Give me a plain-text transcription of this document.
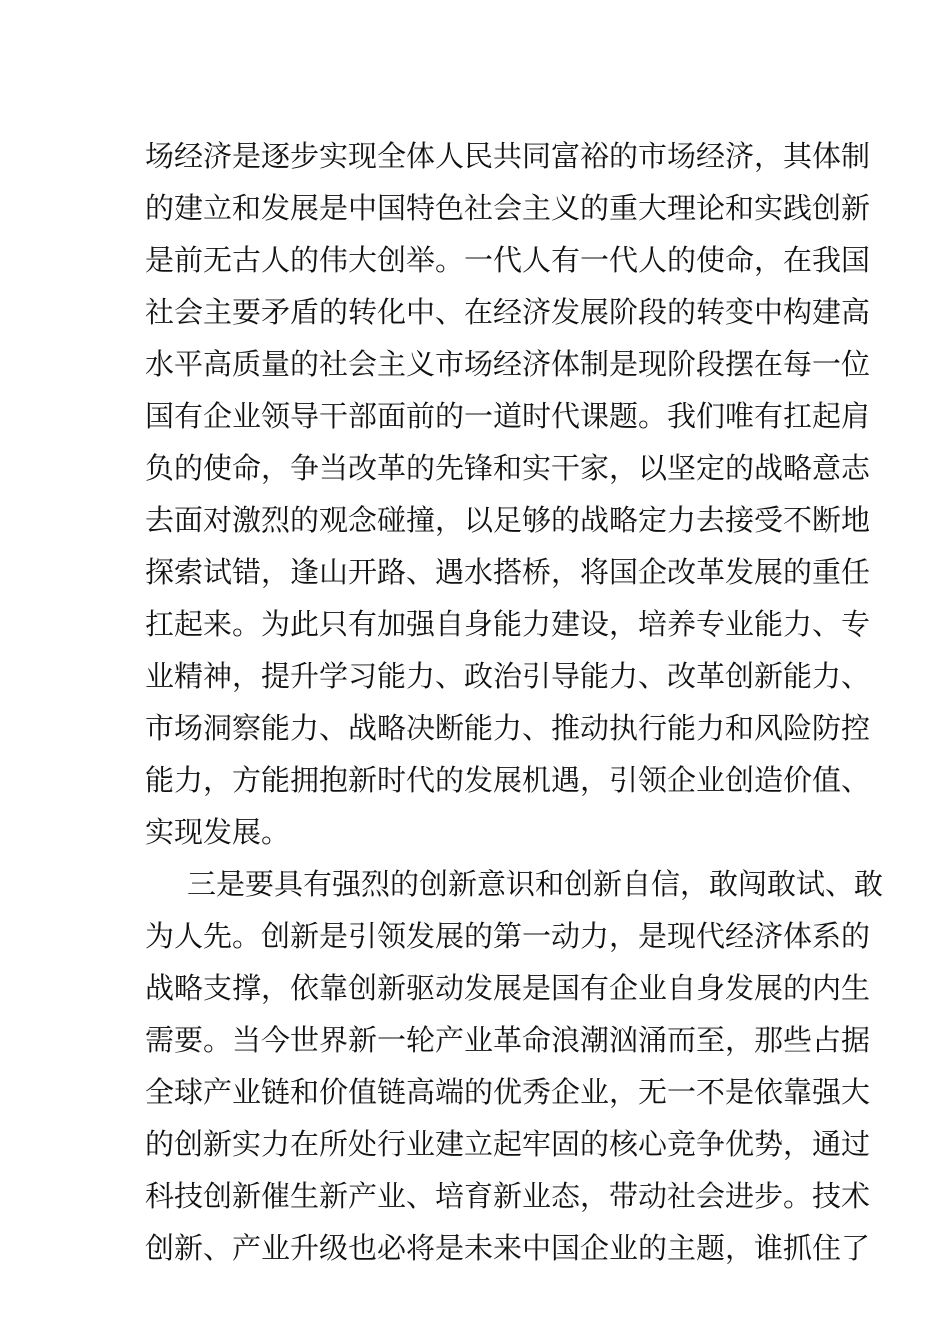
场经济是逐步实现全体人民共同富裕的市场经济，其体制
的建立和发展是中国特色社会主义的重大理论和实践创新
是前无古人的伟大创举。一代人有一代人的使命，在我国
社会主要矛盾的转化中、在经济发展阶段的转变中构建高
水平高质量的社会主义市场经济体制是现阶段摆在每一位
国有企业领导干部面前的一道时代课题。我们唯有扛起肩
负的使命，争当改革的先锋和实干家，以坚定的战略意志
去面对激烈的观念碰撞，以足够的战略定力去接受不断地
探索试错，逢山开路、遇水搭桥，将国企改革发展的重任
扛起来。为此只有加强自身能力建设，培养专业能力、专
业精神，提升学习能力、政治引导能力、改革创新能力、
市场洞察能力、战略决断能力、推动执行能力和风险防控
能力，方能拥抱新时代的发展机遇，引领企业创造价值、
实现发展。
三是要具有强烈的创新意识和创新自信，敢闯敢试、敢
为人先。创新是引领发展的第一动力，是现代经济体系的
战略支撑，依靠创新驱动发展是国有企业自身发展的内生
需要。当今世界新一轮产业革命浪潮汹涌而至，那些占据
全球产业链和价值链高端的优秀企业，无一不是依靠强大
的创新实力在所处行业建立起牢固的核心竞争优势，通过
科技创新催生新产业、培育新业态，带动社会进步。技术
创新、产业升级也必将是未来中国企业的主题，谁抓住了
